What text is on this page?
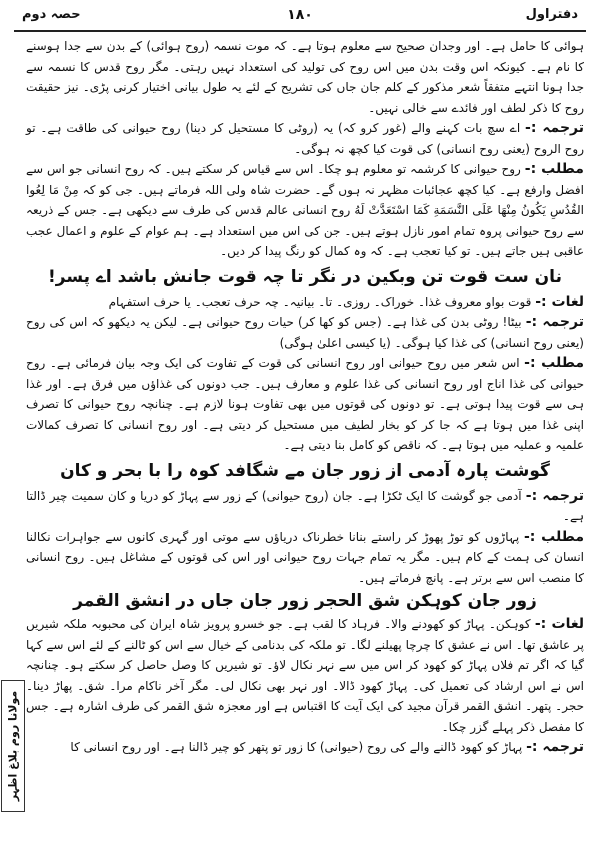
حصہ دوم	۱۸۰	دفتراول

ہوائی کا حامل ہے۔ اور وجدان صحیح سے معلوم ہوتا ہے۔ کہ موت نسمہ (روح ہوائی) کے بدن سے جدا ہوسنے کا نام ہے۔ کیونکہ اس وقت بدن میں اس روح کی تولید کی استعداد نہیں رہتی۔ مگر روح قدس کا نسمہ سے جدا ہونا انتہے متفقاً شعر مذکور کے کلم جان جاں کی تشریح کے لئے یہ طول بیانی اختیار کرنی پڑی۔ نیز حقیقت روح کا ذکر لطف اور فائدے سے خالی نہیں۔

ترجمہ :- اے سچ بات کہنے والے (غور کرو کہ) یہ (روٹی کا مستحیل کر دینا) روح حیوانی کی طاقت ہے۔ تو روح الروح (یعنی روح انسانی) کی قوت کیا کچھ نہ ہوگی۔

مطلب :- روح حیوانی کا کرشمہ تو معلوم ہو چکا۔ اس سے قیاس کر سکتے ہیں۔ کہ روح انسانی جو اس سے افضل وارفع ہے۔ کیا کچھ عجائبات مظہر نہ ہوں گے۔ حضرت شاہ ولی اللہ فرماتے ہیں۔ جی کو کہ مِنْ مَا لِعُوا القُدُسِ یَکُونُ مِنْهَا عَلَی النَّسَمَةِ کَمَا اسْتَعَدَّتْ لَهُ روح انسانی عالم قدس کی طرف سے دیکھی ہے۔ جس کے ذریعہ سے روح حیوانی پروہ تمام امور نازل ہوتے ہیں۔ جن کی اس میں استعداد ہے۔ ہم عوام کے علوم و اعمال عجب عاقبی ہیں جاتے ہیں۔ تو کیا تعجب ہے۔ کہ وہ کمال کو رنگ پیدا کر دیں۔

نان ست قوت تن وبکین در نگر تا چہ قوت جانش باشد اے پسر!

لغات :- قوت بواو معروف غذا۔ خوراک۔ روزی۔ تا۔ بیانیہ۔ چہ حرف تعجب۔ یا حرف استفہام

ترجمہ :- بیٹا! روٹی بدن کی غذا ہے۔ (جس کو کھا کر) حیات روح حیوانی ہے۔ لیکن یہ دیکھو کہ اس کی روح (یعنی روح انسانی) کی غذا کیا ہوگی۔ (یا کیسی اعلیٰ ہوگی)

مطلب :- اس شعر میں روح حیوانی اور روح انسانی کی قوت کے تفاوت کی ایک وجہ بیان فرمائی ہے۔ روح حیوانی کی غذا اناج اور روح انسانی کی غذا علوم و معارف ہیں۔ جب دونوں کی غذاؤں میں فرق ہے۔ اور غذا ہی سے قوت پیدا ہوتی ہے۔ تو دونوں کی قوتوں میں بھی تفاوت ہونا لازم ہے۔ چنانچہ روح حیوانی کا تصرف اپنی غذا میں ہوتا ہے کہ جا کر کو بخار لطیف میں مستحیل کر دیتی ہے۔ اور روح انسانی کا تصرف کمالات علمیہ و عملیہ میں ہوتا ہے۔ کہ ناقص کو کامل بنا دیتی ہے۔

گوشت پارہ آدمی از زور جان مے شگافد کوہ را با بحر و کان

ترجمہ :- آدمی جو گوشت کا ایک ٹکڑا ہے۔ جان (روح حیوانی) کے زور سے پہاڑ کو دریا و کان سمیت چیر ڈالتا ہے۔

مطلب :- پہاڑوں کو توڑ پھوڑ کر راستے بنانا خطرناک دریاؤں سے موتی اور گہری کانوں سے جواہرات نکالنا انسان کی ہمت کے کام ہیں۔ مگر یہ تمام جہات روح حیوانی اور اس کی قوتوں کے مشاغل ہیں۔ روح انسانی کا منصب اس سے برتر ہے۔ پانچ فرماتے ہیں۔

زور جان کوہکن شق الحجر زور جان جاں در انشق القمر

لغات :- کوہکن۔ پہاڑ کو کھودنے والا۔ فرہاد کا لقب ہے۔ جو خسرو پرویز شاہ ایران کی محبوبہ ملکہ شیریں پر عاشق تھا۔ اس نے عشق کا چرچا پھیلنے لگا۔ تو ملکہ کی بدنامی کے خیال سے اس کو ٹالنے کے لئے اس سے کہا گیا کہ اگر تم فلاں پہاڑ کو کھود کر اس میں سے نہر نکال لاؤ۔ تو شیریں کا وصل حاصل کر سکتے ہو۔ چنانچہ اس نے اس ارشاد کی تعمیل کی۔ پہاڑ کھود ڈالا۔ اور نہر بھی نکال لی۔ مگر آخر ناکام مرا۔ شق۔ پھاڑ دینا۔ حجر۔ پتھر۔ انشق القمر قرآن مجید کی ایک آیت کا اقتباس ہے اور معجزہ شق القمر کی طرف اشارہ ہے۔ جس کا مفصل ذکر پہلے گزر چکا۔

ترجمہ :- پہاڑ کو کھود ڈالنے والے کی روح (حیوانی) کا زور تو پتھر کو چیر ڈالنا ہے۔ اور روح انسانی کا

مولانا روم بلاغ اظہر
